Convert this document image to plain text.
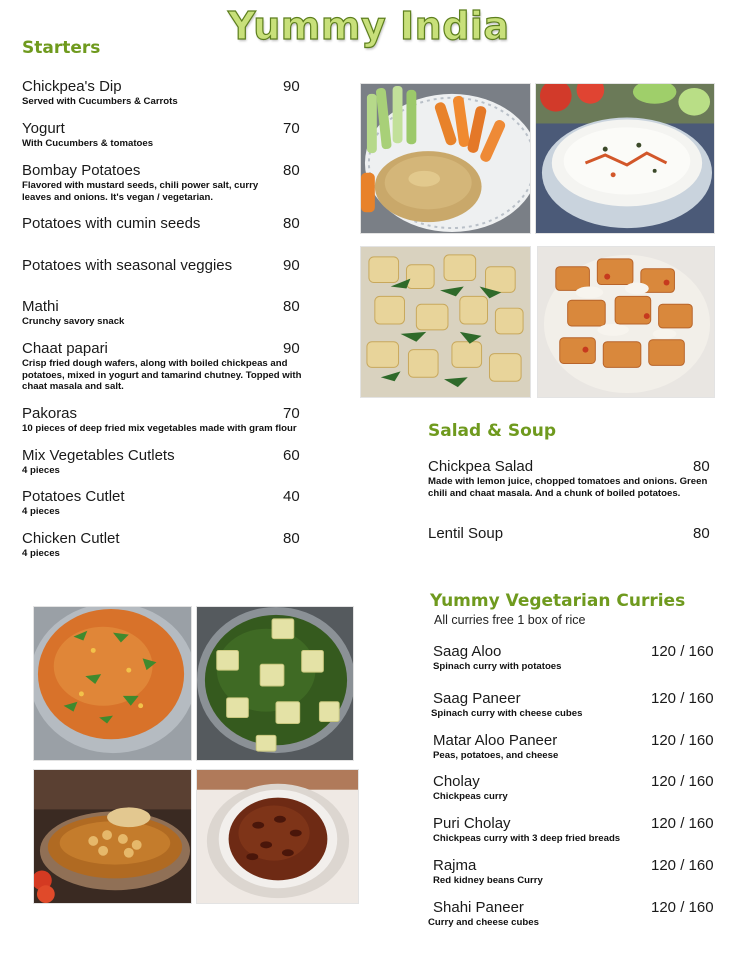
Yummy India
Starters
Chickpea's Dip	90
Served with Cucumbers & Carrots
Yogurt	70
With Cucumbers & tomatoes
Bombay Potatoes	80
Flavored with mustard seeds, chili power salt, curry leaves and onions. It's vegan / vegetarian.
Potatoes with cumin seeds	80
Potatoes with seasonal veggies	90
Mathi	80
Crunchy savory snack
Chaat papari	90
Crisp fried dough wafers, along with boiled chickpeas and potatoes, mixed in yogurt and tamarind chutney. Topped with chaat masala and salt.
Pakoras	70
10 pieces of deep fried mix vegetables made with gram flour
Mix Vegetables Cutlets	60
4 pieces
Potatoes Cutlet	40
4 pieces
Chicken Cutlet	80
4 pieces
Salad & Soup
Chickpea Salad	80
Made with lemon juice, chopped tomatoes and onions. Green chili and chaat masala. And a chunk of boiled potatoes.
Lentil Soup	80
Yummy Vegetarian Curries
All curries free 1 box of rice
Saag Aloo	120 / 160
Spinach curry with potatoes
Saag Paneer	120 / 160
Spinach curry with cheese cubes
Matar Aloo Paneer	120 / 160
Peas, potatoes, and cheese
Cholay	120 / 160
Chickpeas curry
Puri Cholay	120 / 160
Chickpeas curry with 3 deep fried breads
Rajma	120 / 160
Red kidney beans Curry
Shahi Paneer	120 / 160
Curry and cheese cubes
